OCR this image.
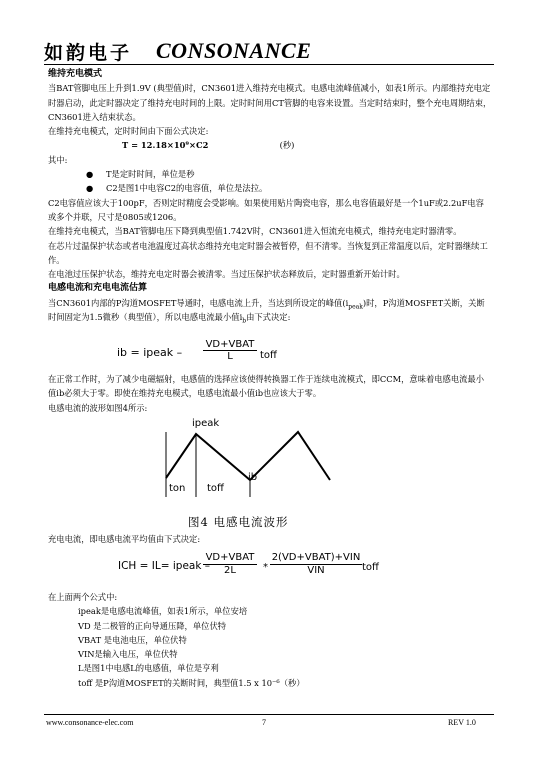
如韵电子 CONSONANCE

维持充电模式

当BAT管脚电压上升到1.9V (典型值)时，CN3601进入维持充电模式。电感电流峰值减小，如表1所示。内部维持充电定时器启动，此定时器决定了维持充电时间的上限。定时时间用CT管脚的电容来设置。当定时结束时，整个充电周期结束，CN3601进入结束状态。

在维持充电模式，定时时间由下面公式决定:

T = 12.18×10⁹×C2	(秒)

其中:

● T是定时时间，单位是秒

● C2是图1中电容C2的电容值，单位是法拉。

C2电容值应该大于100pF，否则定时精度会受影响。如果使用贴片陶瓷电容，那么电容值最好是一个1uF或2.2uF电容或多个并联，尺寸是0805或1206。

在维持充电模式，当BAT管脚电压下降到典型值1.742V时，CN3601进入恒流充电模式，维持充电定时器清零。

在芯片过温保护状态或者电池温度过高状态维持充电定时器会被暂停，但不清零。当恢复到正常温度以后，定时器继续工作。

在电池过压保护状态，维持充电定时器会被清零。当过压保护状态释放后，定时器重新开始计时。

电感电流和充电电流估算

当CN3601内部的P沟道MOSFET导通时，电感电流上升，当达到所设定的峰值$(i_{peak})$时，P沟道MOSFET关断，关断时间固定为1.5微秒（典型值），所以电感电流最小值$i_b$由下式决定:

ib = ipeak –
VD+VBAT
L	toff

在正常工作时，为了减少电磁辐射，电感值的选择应该使得转换器工作于连续电流模式，即CCM，意味着电感电流最小值ib必须大于零。即使在维持充电模式，电感电流最小值ib也应该大于零。

电感电流的波形如图4所示:

ipeak
ib
ton toff
图4 电感电流波形

充电电流，即电感电流平均值由下式决定:

ICH = IL= ipeak –
VD+VBAT
2L	*
2(VD+VBAT)+VIN
VIN	toff

在上面两个公式中:

ipeak是电感电流峰值，如表1所示，单位安培

VD 是二极管的正向导通压降，单位伏特

VBAT 是电池电压，单位伏特

VIN是输入电压，单位伏特

L是图1中电感L的电感值，单位是亨利

toff 是P沟道MOSFET的关断时间，典型值1.5 x 10⁻⁶（秒）

www.consonance-elec.com	7	REV 1.0
